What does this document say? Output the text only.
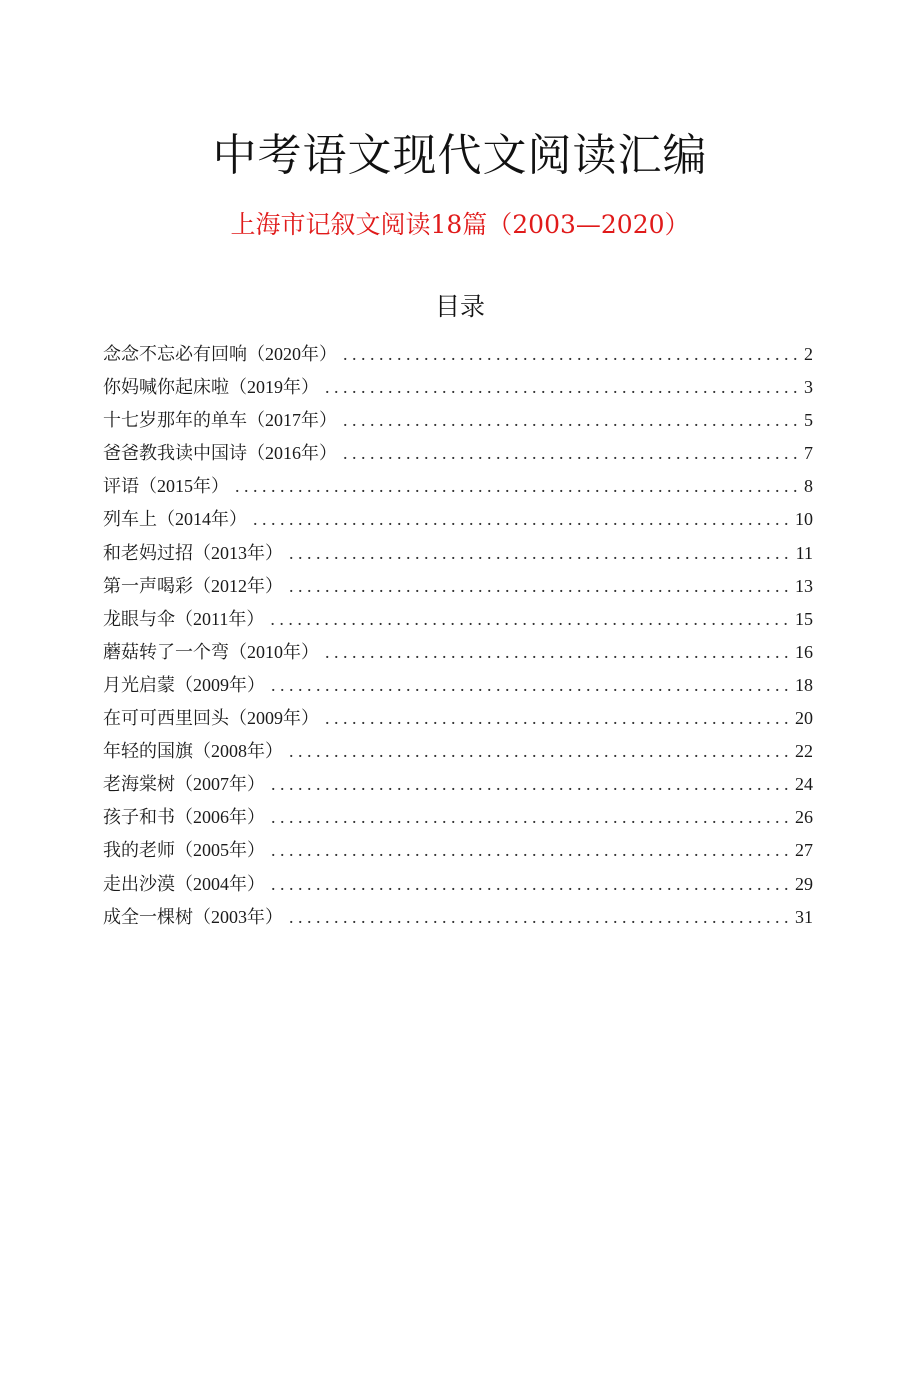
中考语文现代文阅读汇编
上海市记叙文阅读18篇（2003—2020）
目录
念念不忘必有回响（2020年） . . .	2
你妈喊你起床啦（2019年） . . .	3
十七岁那年的单车（2017年） . . .	5
爸爸教我读中国诗（2016年） . . .	7
评语（2015年） . . .	8
列车上（2014年） . . .	10
和老妈过招（2013年） . . .	11
第一声喝彩（2012年） . . .	13
龙眼与伞（2011年） . . .	15
蘑菇转了一个弯（2010年） . . .	16
月光启蒙（2009年） . . .	18
在可可西里回头（2009年） . . .	20
年轻的国旗（2008年） . . .	22
老海棠树（2007年） . . .	24
孩子和书（2006年） . . .	26
我的老师（2005年） . . .	27
走出沙漠（2004年） . . .	29
成全一棵树（2003年） . . .	31
